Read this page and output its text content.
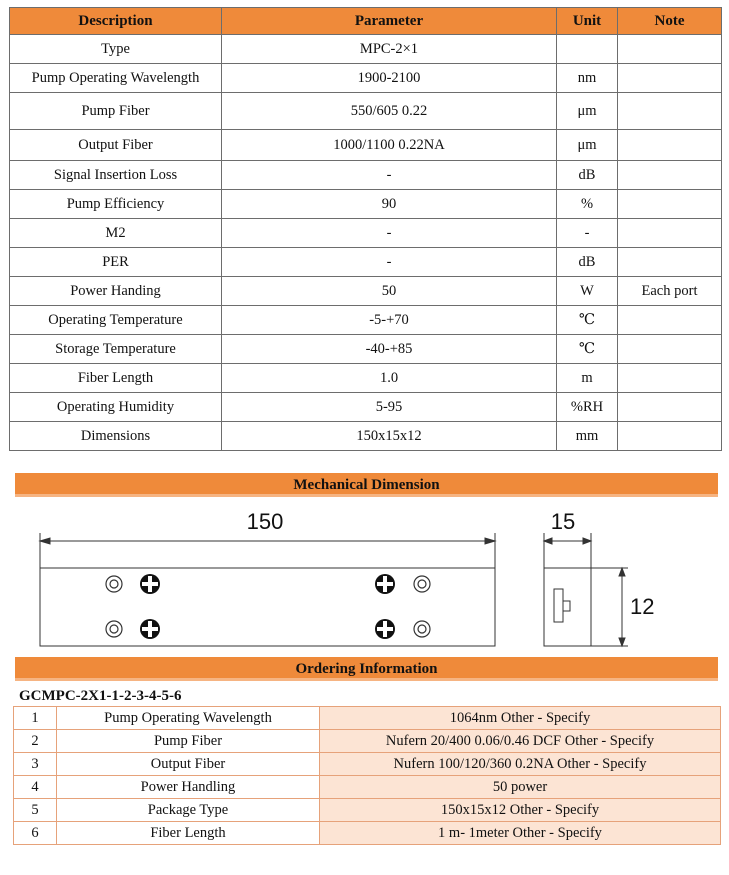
Description	Parameter	Unit	Note
Type	MPC-2×1		
Pump Operating Wavelength	1900-2100	nm	
Pump Fiber	550/605 0.22	μm	
Output Fiber	1000/1100 0.22NA	μm	
Signal Insertion Loss	-	dB	
Pump Efficiency	90	%	
M2	-	-	
PER	-	dB	
Power Handing	50	W	Each port
Operating Temperature	-5-+70	℃	
Storage Temperature	-40-+85	℃	
Fiber Length	1.0	m	
Operating Humidity	5-95	%RH	
Dimensions	150x15x12	mm	
Mechanical Dimension
150	15
12
Ordering Information
GCMPC-2X1-1-2-3-4-5-6
1	Pump Operating Wavelength	1064nm Other - Specify
2	Pump Fiber	Nufern 20/400 0.06/0.46 DCF Other - Specify
3	Output Fiber	Nufern 100/120/360 0.2NA Other - Specify
4	Power Handling	50 power
5	Package Type	150x15x12 Other - Specify
6	Fiber Length	1 m- 1meter Other - Specify
